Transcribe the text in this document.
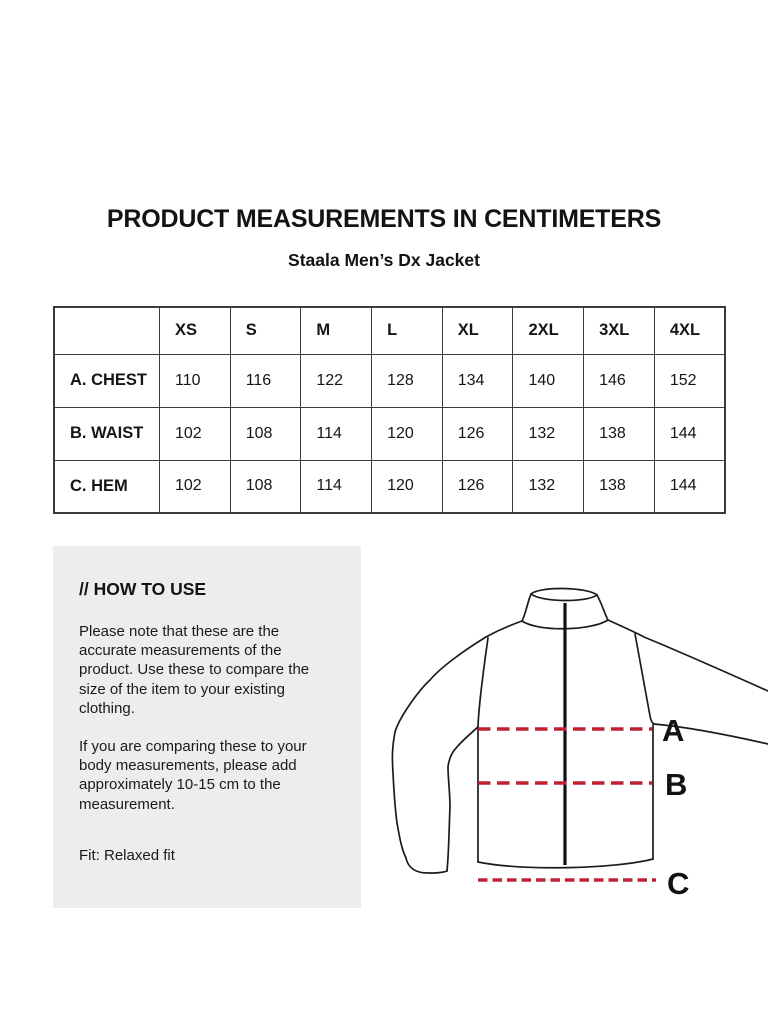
PRODUCT MEASUREMENTS IN CENTIMETERS
Staala Men’s Dx Jacket
	XS	S	M	L	XL	2XL	3XL	4XL
A. CHEST	110	116	122	128	134	140	146	152
B. WAIST	102	108	114	120	126	132	138	144
C. HEM	102	108	114	120	126	132	138	144
// HOW TO USE

Please note that these are the accurate measurements of the product. Use these to compare the size of the item to your existing clothing.

If you are comparing these to your body measurements, please add approximately 10-15 cm to the measurement.

Fit: Relaxed fit
A
B
C
